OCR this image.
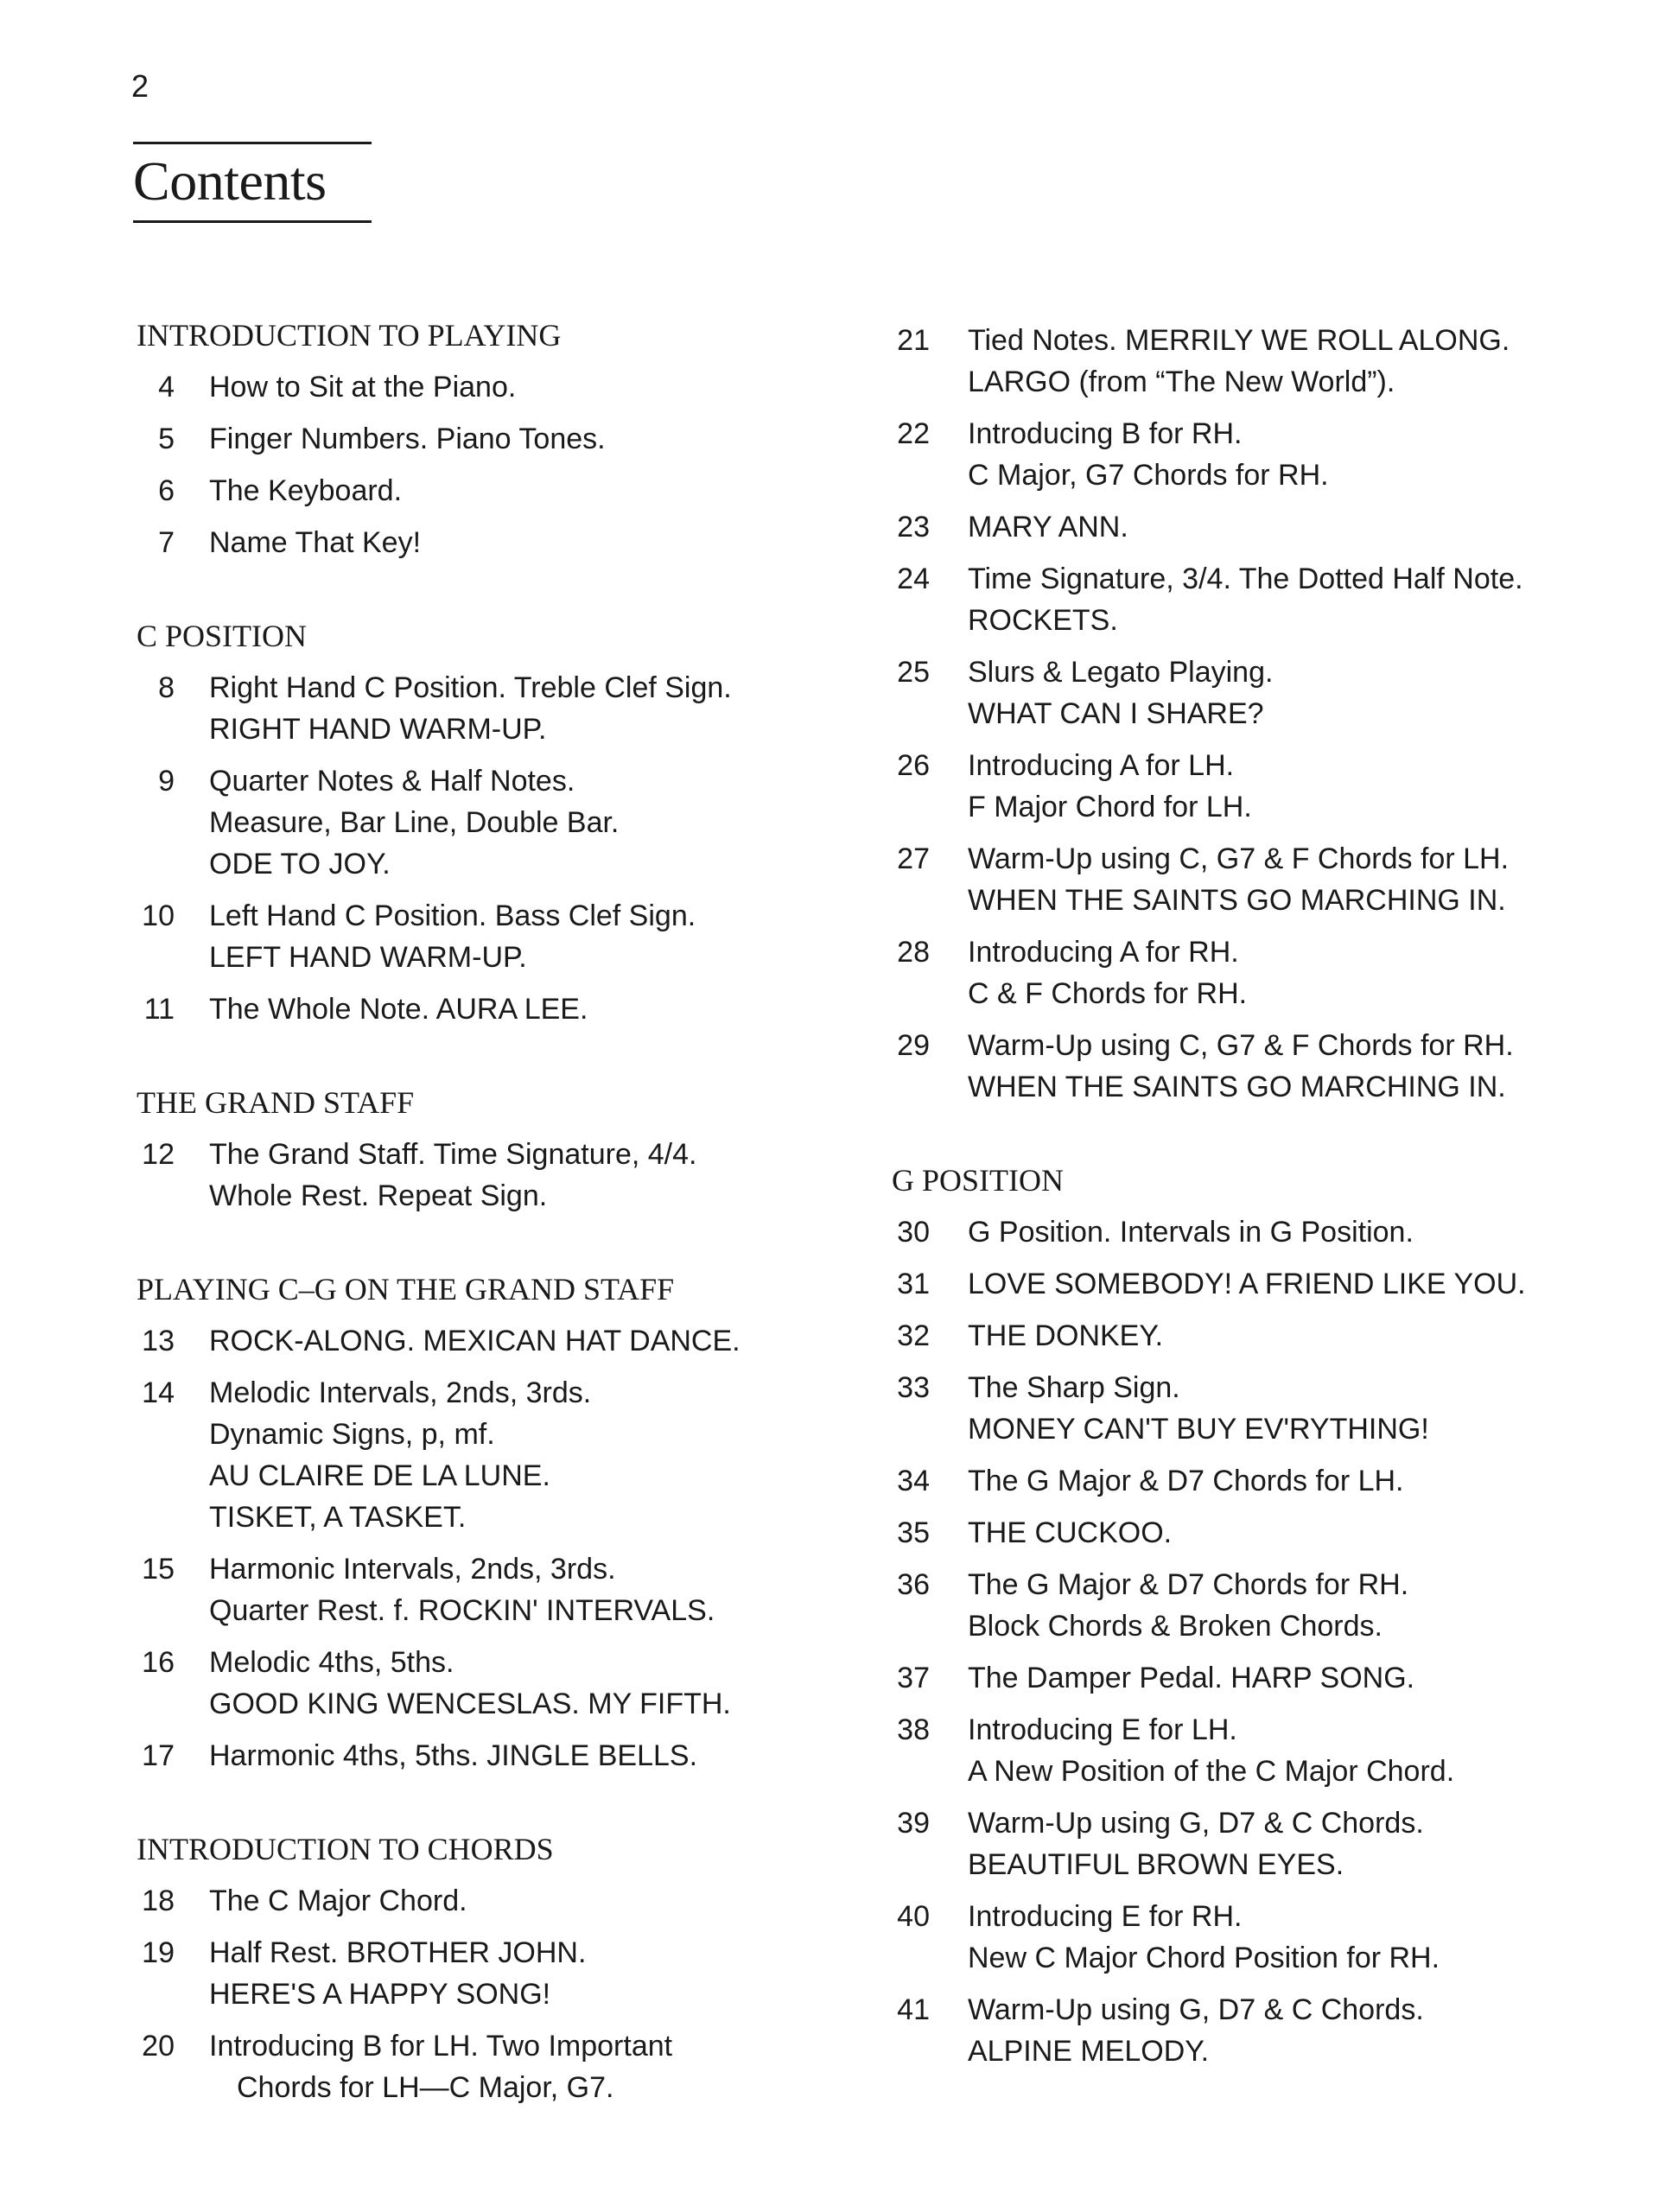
2
Contents
INTRODUCTION TO PLAYING
4 How to Sit at the Piano.
5 Finger Numbers. Piano Tones.
6 The Keyboard.
7 Name That Key!
C POSITION
8 Right Hand C Position. Treble Clef Sign.
RIGHT HAND WARM-UP.
9 Quarter Notes & Half Notes.
Measure, Bar Line, Double Bar.
ODE TO JOY.
10 Left Hand C Position. Bass Clef Sign.
LEFT HAND WARM-UP.
11 The Whole Note. AURA LEE.
THE GRAND STAFF
12 The Grand Staff. Time Signature, 4/4.
Whole Rest. Repeat Sign.
PLAYING C–G ON THE GRAND STAFF
13 ROCK-ALONG. MEXICAN HAT DANCE.
14 Melodic Intervals, 2nds, 3rds.
Dynamic Signs, p, mf.
AU CLAIRE DE LA LUNE.
TISKET, A TASKET.
15 Harmonic Intervals, 2nds, 3rds.
Quarter Rest. f. ROCKIN' INTERVALS.
16 Melodic 4ths, 5ths.
GOOD KING WENCESLAS. MY FIFTH.
17 Harmonic 4ths, 5ths. JINGLE BELLS.
INTRODUCTION TO CHORDS
18 The C Major Chord.
19 Half Rest. BROTHER JOHN.
HERE'S A HAPPY SONG!
20 Introducing B for LH. Two Important
Chords for LH—C Major, G7.
21 Tied Notes. MERRILY WE ROLL ALONG.
LARGO (from “The New World”).
22 Introducing B for RH.
C Major, G7 Chords for RH.
23 MARY ANN.
24 Time Signature, 3/4. The Dotted Half Note.
ROCKETS.
25 Slurs & Legato Playing.
WHAT CAN I SHARE?
26 Introducing A for LH.
F Major Chord for LH.
27 Warm-Up using C, G7 & F Chords for LH.
WHEN THE SAINTS GO MARCHING IN.
28 Introducing A for RH.
C & F Chords for RH.
29 Warm-Up using C, G7 & F Chords for RH.
WHEN THE SAINTS GO MARCHING IN.
G POSITION
30 G Position. Intervals in G Position.
31 LOVE SOMEBODY! A FRIEND LIKE YOU.
32 THE DONKEY.
33 The Sharp Sign.
MONEY CAN'T BUY EV'RYTHING!
34 The G Major & D7 Chords for LH.
35 THE CUCKOO.
36 The G Major & D7 Chords for RH.
Block Chords & Broken Chords.
37 The Damper Pedal. HARP SONG.
38 Introducing E for LH.
A New Position of the C Major Chord.
39 Warm-Up using G, D7 & C Chords.
BEAUTIFUL BROWN EYES.
40 Introducing E for RH.
New C Major Chord Position for RH.
41 Warm-Up using G, D7 & C Chords.
ALPINE MELODY.
